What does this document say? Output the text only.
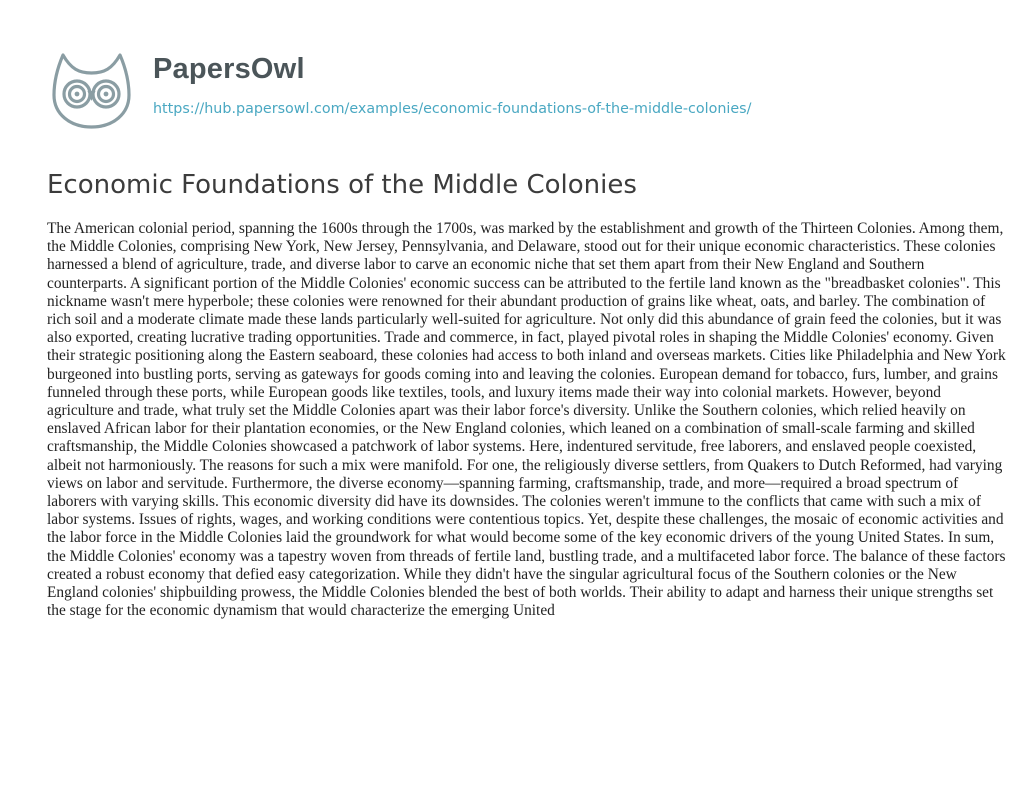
PapersOwl
https://hub.papersowl.com/examples/economic-foundations-of-the-middle-colonies/
Economic Foundations of the Middle Colonies

The American colonial period, spanning the 1600s through the 1700s, was marked by the establishment and growth of the Thirteen Colonies. Among them, the Middle Colonies, comprising New York, New Jersey, Pennsylvania, and Delaware, stood out for their unique economic characteristics. These colonies harnessed a blend of agriculture, trade, and diverse labor to carve an economic niche that set them apart from their New England and Southern counterparts. A significant portion of the Middle Colonies' economic success can be attributed to the fertile land known as the "breadbasket colonies". This nickname wasn't mere hyperbole; these colonies were renowned for their abundant production of grains like wheat, oats, and barley. The combination of rich soil and a moderate climate made these lands particularly well-suited for agriculture. Not only did this abundance of grain feed the colonies, but it was also exported, creating lucrative trading opportunities. Trade and commerce, in fact, played pivotal roles in shaping the Middle Colonies' economy. Given their strategic positioning along the Eastern seaboard, these colonies had access to both inland and overseas markets. Cities like Philadelphia and New York burgeoned into bustling ports, serving as gateways for goods coming into and leaving the colonies. European demand for tobacco, furs, lumber, and grains funneled through these ports, while European goods like textiles, tools, and luxury items made their way into colonial markets. However, beyond agriculture and trade, what truly set the Middle Colonies apart was their labor force's diversity. Unlike the Southern colonies, which relied heavily on enslaved African labor for their plantation economies, or the New England colonies, which leaned on a combination of small-scale farming and skilled craftsmanship, the Middle Colonies showcased a patchwork of labor systems. Here, indentured servitude, free laborers, and enslaved people coexisted, albeit not harmoniously. The reasons for such a mix were manifold. For one, the religiously diverse settlers, from Quakers to Dutch Reformed, had varying views on labor and servitude. Furthermore, the diverse economy—spanning farming, craftsmanship, trade, and more—required a broad spectrum of laborers with varying skills. This economic diversity did have its downsides. The colonies weren't immune to the conflicts that came with such a mix of labor systems. Issues of rights, wages, and working conditions were contentious topics. Yet, despite these challenges, the mosaic of economic activities and the labor force in the Middle Colonies laid the groundwork for what would become some of the key economic drivers of the young United States. In sum, the Middle Colonies' economy was a tapestry woven from threads of fertile land, bustling trade, and a multifaceted labor force. The balance of these factors created a robust economy that defied easy categorization. While they didn't have the singular agricultural focus of the Southern colonies or the New England colonies' shipbuilding prowess, the Middle Colonies blended the best of both worlds. Their ability to adapt and harness their unique strengths set the stage for the economic dynamism that would characterize the emerging United
